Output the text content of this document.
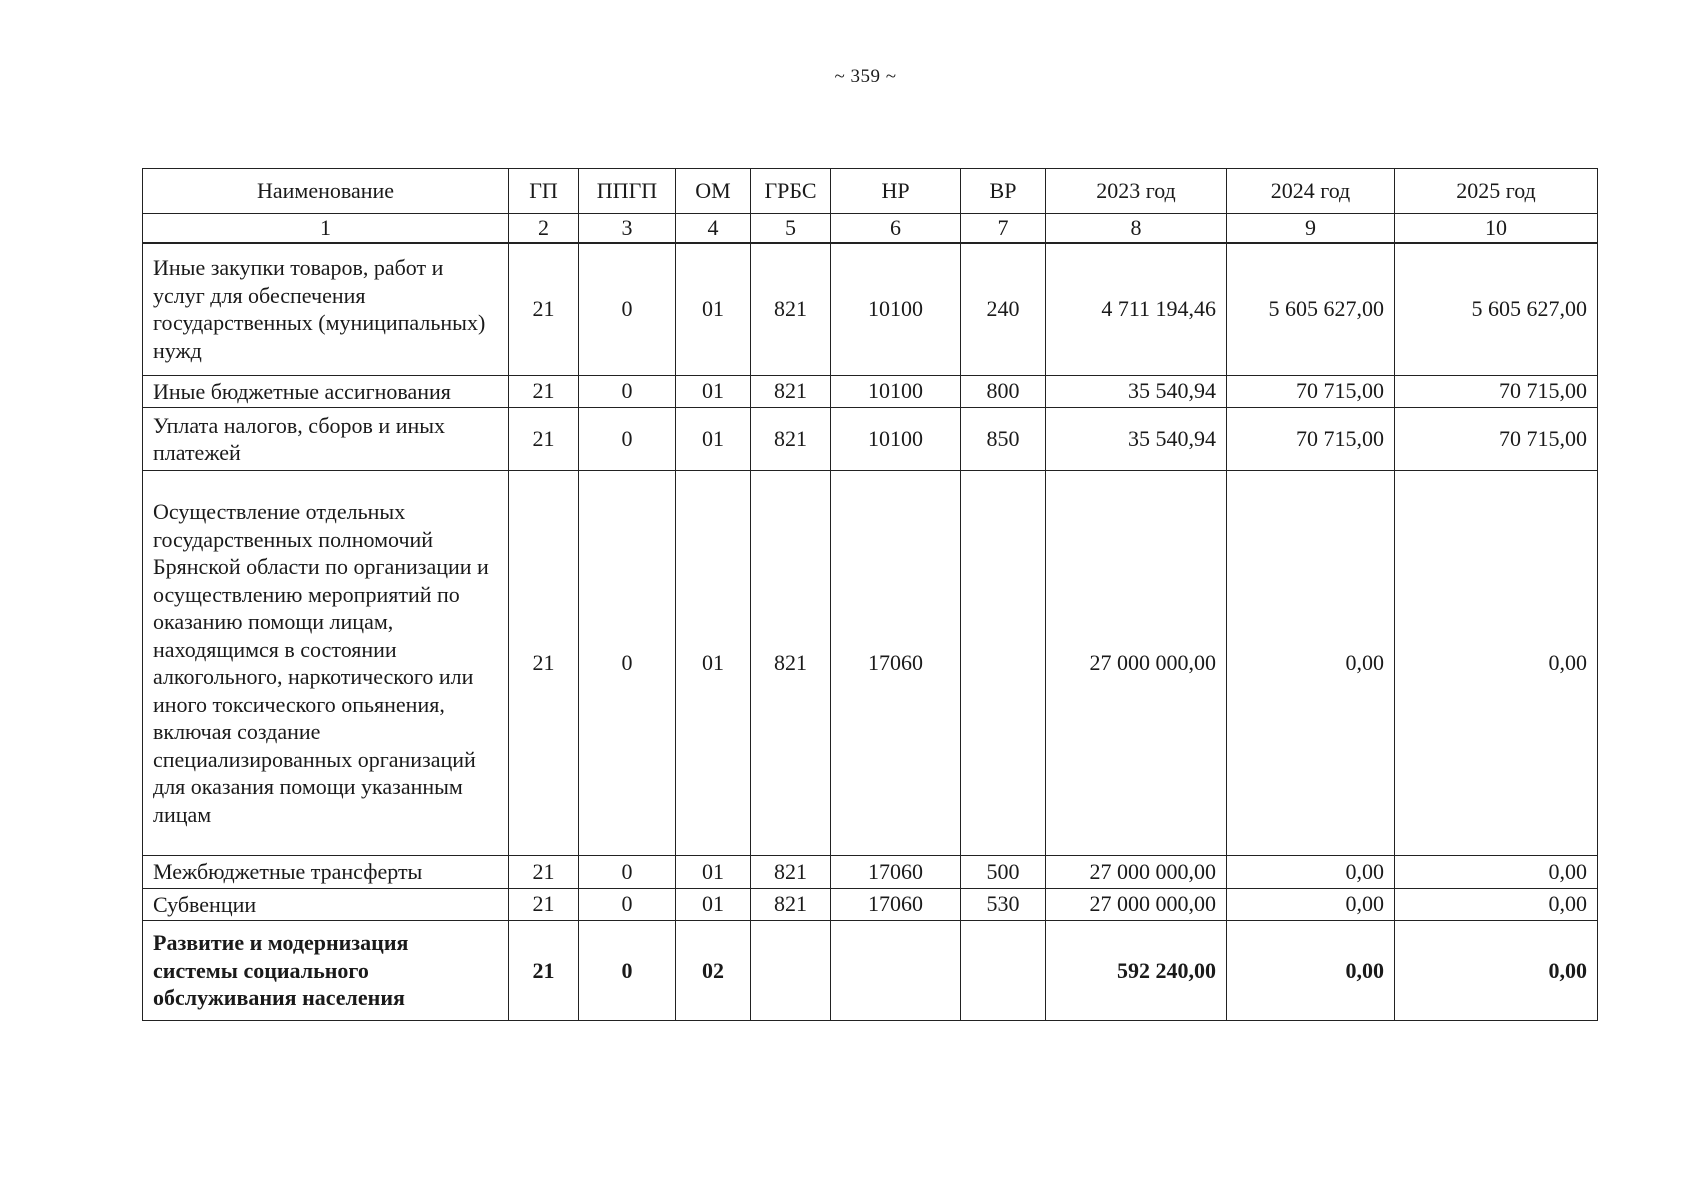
~ 359 ~
Наименование	ГП	ППГП	ОМ	ГРБС	НР	ВР	2023 год	2024 год	2025 год
1	2	3	4	5	6	7	8	9	10
Иные закупки товаров, работ и услуг для обеспечения государственных (муниципальных) нужд	21	0	01	821	10100	240	4 711 194,46	5 605 627,00	5 605 627,00
Иные бюджетные ассигнования	21	0	01	821	10100	800	35 540,94	70 715,00	70 715,00
Уплата налогов, сборов и иных платежей	21	0	01	821	10100	850	35 540,94	70 715,00	70 715,00
Осуществление отдельных государственных полномочий Брянской области по организации и осуществлению мероприятий по оказанию помощи лицам, находящимся в состоянии алкогольного, наркотического или иного токсического опьянения, включая создание специализированных организаций для оказания помощи указанным лицам	21	0	01	821	17060		27 000 000,00	0,00	0,00
Межбюджетные трансферты	21	0	01	821	17060	500	27 000 000,00	0,00	0,00
Субвенции	21	0	01	821	17060	530	27 000 000,00	0,00	0,00
Развитие и модернизация системы социального обслуживания населения	21	0	02				592 240,00	0,00	0,00
